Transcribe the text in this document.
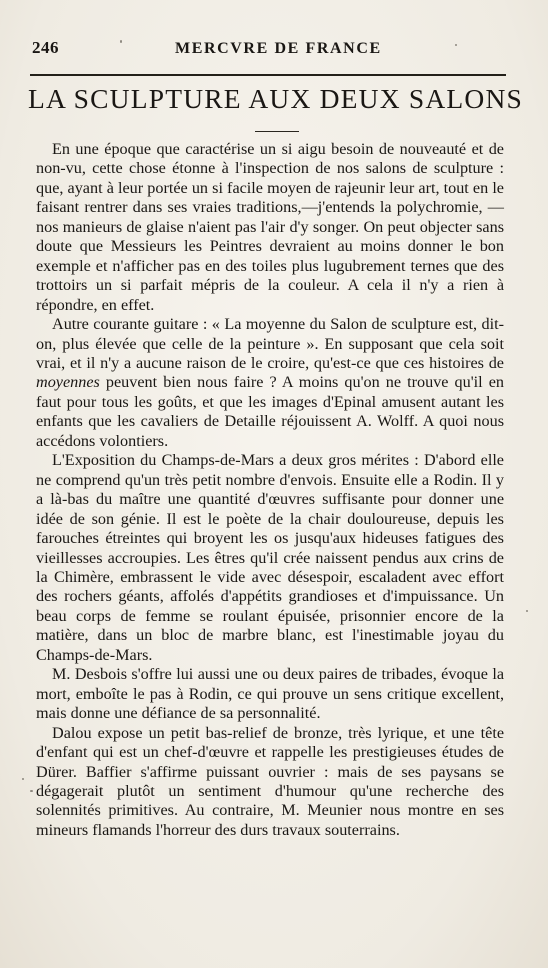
246	MERCVRE DE FRANCE
LA SCULPTURE AUX DEUX SALONS

En une époque que caractérise un si aigu besoin de nouveauté et de non-vu, cette chose étonne à l'inspection de nos salons de sculpture : que, ayant à leur portée un si facile moyen de rajeunir leur art, tout en le faisant rentrer dans ses vraies traditions,—j'entends la polychromie, — nos manieurs de glaise n'aient pas l'air d'y songer. On peut objecter sans doute que Messieurs les Peintres devraient au moins donner le bon exemple et n'afficher pas en des toiles plus lugubrement ternes que des trottoirs un si parfait mépris de la couleur. A cela il n'y a rien à répondre, en effet.

Autre courante guitare : « La moyenne du Salon de sculpture est, dit-on, plus élevée que celle de la peinture ». En supposant que cela soit vrai, et il n'y a aucune raison de le croire, qu'est-ce que ces histoires de moyennes peuvent bien nous faire ? A moins qu'on ne trouve qu'il en faut pour tous les goûts, et que les images d'Epinal amusent autant les enfants que les cavaliers de Detaille réjouissent A. Wolff. A quoi nous accédons volontiers.

L'Exposition du Champs-de-Mars a deux gros mérites : D'abord elle ne comprend qu'un très petit nombre d'envois. Ensuite elle a Rodin. Il y a là-bas du maître une quantité d'œuvres suffisante pour donner une idée de son génie. Il est le poète de la chair douloureuse, depuis les farouches étreintes qui broyent les os jusqu'aux hideuses fatigues des vieillesses accroupies. Les êtres qu'il crée naissent pendus aux crins de la Chimère, embrassent le vide avec désespoir, escaladent avec effort des rochers géants, affolés d'appétits grandioses et d'impuissance. Un beau corps de femme se roulant épuisée, prisonnier encore de la matière, dans un bloc de marbre blanc, est l'inestimable joyau du Champs-de-Mars.

M. Desbois s'offre lui aussi une ou deux paires de tribades, évoque la mort, emboîte le pas à Rodin, ce qui prouve un sens critique excellent, mais donne une défiance de sa personnalité.

Dalou expose un petit bas-relief de bronze, très lyrique, et une tête d'enfant qui est un chef-d'œuvre et rappelle les prestigieuses études de Dürer. Baffier s'affirme puissant ouvrier : mais de ses paysans se dégagerait plutôt un sentiment d'humour qu'une recherche des solennités primitives. Au contraire, M. Meunier nous montre en ses mineurs flamands l'horreur des durs travaux souterrains.
